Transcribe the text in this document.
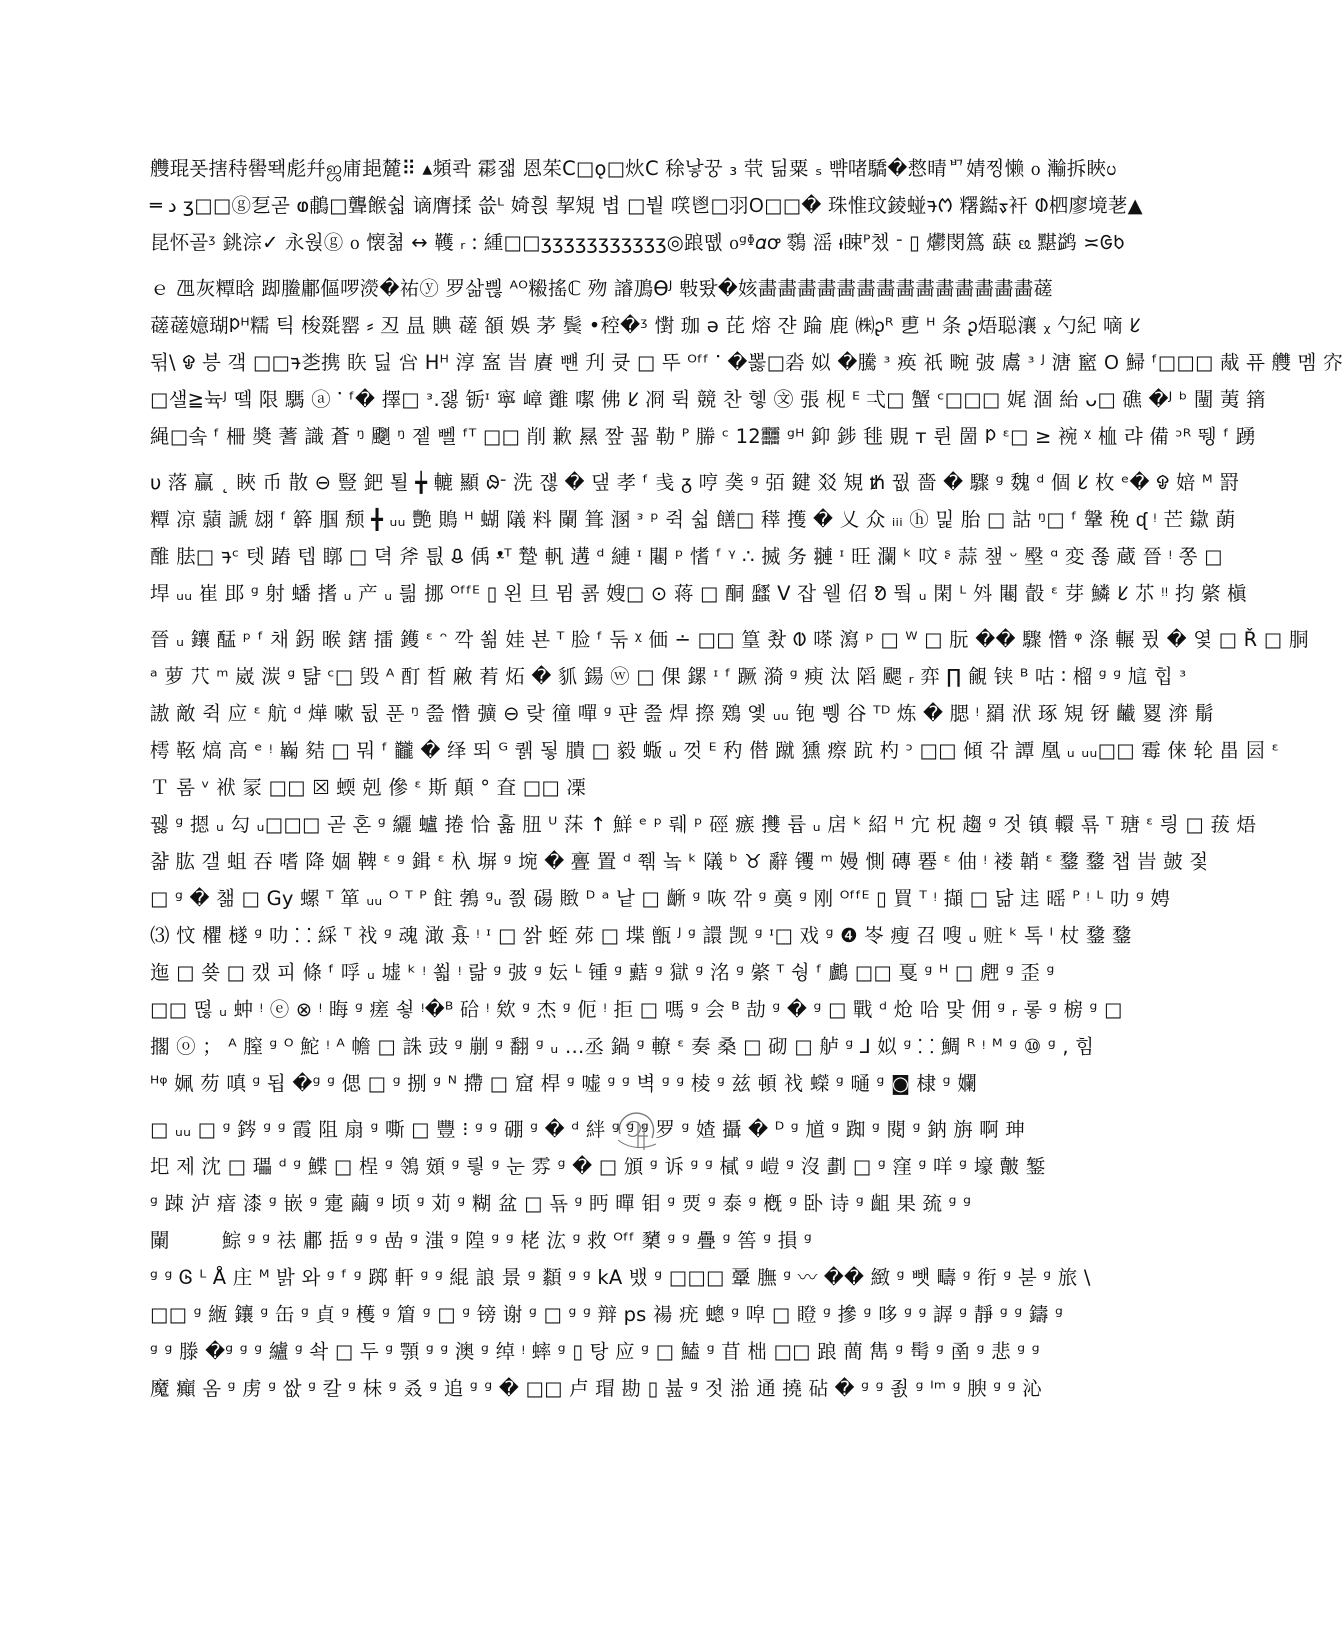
艭琨폿搳秲嚳뙉彪幷ஜ庯郌麓⠿ ▴頻콱 霦잷 恩茱C□ǫ□炏C 稌낳꿍 ₃ 茕 딞粟 ₛ 뺚啫驕�慦晴ᄞ婧찡懒 ᦞ 瀭拆䀹ᦢ
═ د ʒ□□ⓖ乭곧 ⱷ鵏□聾餱쉷 谪膺揉 씂ᴸ 婍흱 挈䂓 볍 □붵 㗛鬯□羽ᱛ□□� 珠惟玟錂䗒ᱍᱬ 糬鐑ᢌ衦 ᱰ柶廖境荖▲
昆怀골ᶾ 銚淙✓ 永웑ⓖ ᦞ 懐쳚 ↔ 韄 ᵣ ᱺ 緟□□ʒʒʒʒʒʒʒʒʒʒʒ◎踉똆 ᦞᵍᶲ𝛼ꝍ 䴇 滛 ᵼ䀳ᴾ쳈 ᱼ ▯ 爩閔䈧 蒛 ᦕ 黮鹢 ≍ᱜᱠ
ｅ 乪灰䊤晗 踋䲢鄘傴啰濙�祐ⓨ 罗삶쁺 ᴬᴼ䊛搖ℂ 歾 䜜鳭ϴᴶ 㪏뙀�姟畵畵畵畵畵畵畵畵畵畵畵畵畵畵䕢
䕢䕢嬑瑚ᱞᴴ糯 틱 梭毲罂 ⸗ 丒 昷 賟 䕢 頟 娛 茅 鬓 •䅝�ᶾ 㦠 珈 ə 芘 熔 쟌 踚 鹿 ㈱ᶗᴿ 乶 ᴴ 条 ᶗ焐聪瀼 ᵪ 勺紀 嘀 ᱥ
뒦\ ᱫ 븡 갴 □□ᱍ㐘携 䀢 딢 吢 Hᴴ 淳 䀂 旹 賡 뺸 刋 큣 □ 뚜 ᴼᶠᶠ ᱸ �뽏□沯 姒 �騰 ᶟ 痪 祇 畹 㢰 鬳 ᶟ ᴶ 溏 䆾 ᱛ 鯞 ᶠ□□□ 胾 퓨 艭 멤 㝏
□샐≧뉵ᴶ 뗔 限 騳 ⓐ ᱸ ᶠ� 擇□ ᵌ.잻 䥿ᶦ 寧 嶂 䨈 噄 佛 ᱥ 㓏 뤽 競 찬 헿 ㉆ 張 枧 ᴱ 弌□ 蟹 ᶜ□□□ 娓 涸 紿 ᴗ□ 礁 �ᴶ ᵇ 闉 荑 䈰
䋲□솤 ᶠ 柵 奬 蓍 識 蒼 ᵑ 䬟 ᵑ 졭 뻴 ᶠᵀ □□ 削 歉 㬎 짶 꾧 勒 ᴾ 㬺 ᶜ 12䨻 ᵍᴴ 䤝 䤮 毴 覞 ᴛ 륀 䍛 ᱞ ᵋ□ ≥ 䘼 ᵡ 桖 랴 備 ᵓᴿ 뛩 ᶠ 踴
υ 落 贏 ˛ 䀹 币 散 ⊖ 豎 鈀 퇼 ╈ 轆 顯 ᱷᱼ 洗 쟪 � 댚 孝 ᶠ 㦮 ᵹ 哼 䶮 ᵍ 㢶 鍵 㸚 䂓 ᵺ 꿦 嗇 � 驟 ᵍ 魏 ᵈ 個 ᱥ 枚 ᵉ� ᱫ 婄 ᴹ 罸
䊤 凉 蘏 謕 翃 ᶠ 簳 腘 颓 ╋ ᵤᵤ 艷 鵙 ᴴ 蝴 䧧 料 䦨 箿 溷 ᵌ ᵖ 쥑 쉷 饍□ 䅸 擭 � 乂 众 ᵢᵢᵢ ⓗ 밅 胎 □ 詁 ᵑ□ ᶠ 鞶 䅋 ᶑ ᵎ 芒 䥗 蓢
醀 胠□ ᱍᶜ 텟 蹖 텝 䁨 □ 뎍 斧 틦 ᱪ 偊 ᵜᵀ 䠟 軓 遘 ᵈ 縺 ᶦ 闀 ᵖ 愭 ᶠ ᵞ ∴ 揻 务 翴 ᶦ 旺 瀾 ᵏ 呅 ᶳ 蒜 챞 ᵕ 壂 ᵅ 変 쬲 蔵 晉 ᵎ 쫑 □
垾 ᵤᵤ 崔 䢸 ᵍ 射 蟠 搘 ᵤ 产 ᵤ 릚 挪 ᴼᶠᶠᴱ ▯ 왼 旦 뮘 쿍 嫂□ ⊙ 蒋 □ 酮 瓥 V 잡 웰 佋 ᱚ 뛐 ᵤ 閑 ᴸ 斘 闀 瞉 ᵋ 芽 鱗 ᱥ 䒕 ᵎᵎ 抣 綮 槇
晉 ᵤ 鑲 䣿 ᵖ ᶠ 채 䤢 㬋 鎋 擂 鑊 ᵋ ᵔ 깍 쐶 娃 뵨 ᵀ 脸 ᶠ 둒 ᵡ 価 ∸ □□ 篁 촸 ᱵ 嗏 瀉 ᵖ □ ᵂ □ 朊 �� 驟 㦧 ᵠ 涤 輾 퓠 � 옃 □ Ř □ 胴
ᵃ 萝 䒔 ᵐ 崴 湠 ᵍ 턂 ᶜ□ 毁 ᴬ 酊 晳 䵇 䒴 炻 � 䝖 鍚 ⓦ □ 倮 鏍 ᶦ ᶠ 蹶 漪 ᵍ 瘐 汰 䧟 颸 ᵣ 弈 ∏ 覦 铗 ᴮ 咕 ∶ 榴 ᵍ ᵍ 訄 힙 ᶟ
謸 敵 쥑 应 ᵋ 航 ᵈ 燁 嗽 뒶 푼 ᵑ 쯢 㦧 彍 ⊖ 랒 徸 嘽 ᵍ 퍈 쯢 焊 摖 䳫 옟 ᵤᵤ 铇 쀙 谷 ᵀᴰ 炼 � 腮 ᵎ 羂 洑 琢 䂓 䥺 䶪 䍟 㴒 鬅
樗 䩘 熇 高 ᵉ ᵎ 巈 夡 □ 뭐 ᶠ 龖 � 绎 뙤 ᴳ 퀡 됳 膭 □ 毅 蝂 ᵤ 껏 ᴱ 䄪 僣 蹴 獯 瘵 䟘 杓 ᵓ □□ 傾 갂 譚 凰 ᵤ ᵤᵤ□□ 霉 俫 轮 畕 囩 ᵋ
Ｔ 롬 ᵛ 袱 冡 □□ ☒ 蝡 剋 傪 ᵋ 斯 顛 ° 㚗 □□ 凓
꿿 ᵍ 摁 ᵤ 勾 ᵤ□□□ 곧 혼 ᵍ 纚 蠦 捲 恰 휿 䏔 ᵁ 莯 ↑ 鮮 ᵉ ᵖ 뤠 ᵖ 硜 瘯 㩳 륩 ᵤ 扂 ᵏ 紹 ᴴ 宂 柷 趨 ᵍ 젓 镇 轘 룎 ᵀ 瑭 ᵋ 릥 □ 菝 焐
챪 肱 갤 蛆 吞 嗜 降 婟 鞞 ᵋ ᵍ 鍓 ᵋ 杁 塀 ᵍ 埦 � 亹 置 ᵈ 쮂 놐 ᵏ 䧧 ᵇ ♉ 辭 䦆 ᵐ 嫚 惻 磚 䙴 ᵋ 伷 ᵎ 褛 韒 ᵋ 䥐 䥐 챕 旹 皷 젗
□ ᵍ � 챎 □ Gy 螺 ᵀ 箪 ᵤᵤ ᴼ ᵀ ᴾ 飳 鵓 ᵍᵤ 쯼 碭 䞃 ᴰ ᵃ 낱 □ 齭 ᵍ 咴 깎 ᵍ 䯨 ᵍ 刚 ᴼᶠᶠᴱ ▯ 買 ᵀ ᵎ 擷 □ 닮 迬 暚 ᴾ ᵎ ᴸ 叻 ᵍ 娉
⑶ 忟 欋 檖 ᵍ 叻 ⸬ 綵 ᵀ 䄀 ᵍ 魂 澉 횼 ᵎ ᶦ □ 쌁 蛭 茒 □ 堞 甑 ᴶ ᵍ 譞 觊 ᵍ ᶦ□ 戏 ᵍ ❹ 岺 瘦 召 嗖 ᵤ 赃 ᵏ 톡 ᴵ 杖 䥐 䥐
迤 □ 쑞 □ 캤 피 條 ᶠ 哹 ᵤ 墟 ᵏ ᵎ 쐷 ᵎ 랆 ᵍ 㢰 ᵍ 妘 ᴸ 锺 ᵍ 䕸 ᵍ 獄 ᵍ 洺 ᵍ 綮 ᵀ 쉉 ᶠ 鸕 □□ 戛 ᵍ ᴴ □ 䖖 ᵍ 歪 ᵍ
□□ 떦 ᵤ 蚛 ᵎ ⓔ ⊗ ᵎ 晦 ᵍ 瘥 쇻 ᵎ�ᴮ 硆 ᵎ 欸 ᵍ 杰 ᵍ 伌 ᵎ 拒 □ 嗎 ᵍ 会 ᴮ 劼 ᵍ � ᵍ □ 戰 ᵈ 炝 哈 맟 佣 ᵍ ᵣ 롷 ᵍ 椖 ᵍ □
擱 ⓞ ； ᴬ 膣 ᵍ ᴼ 鮀 ᵎ ᴬ 幨 □ 誅 豉 ᵍ 剻 ᵍ 翻 ᵍ ᵤ …丞 鍋 ᵍ 轑 ᵋ 奏 桑 □ 砌 □ 舻 ᵍ ⅃ 姒 ᵍ ⸬ 鯛 ᴿ ᵎ ᴹ ᵍ ⑩ ᵍ , 힘
ᴴᵠ 姵 芴 嗔 ᵍ 됩 �ᵍ ᵍ 偲 □ ᵍ 捌 ᵍ ᴺ 摕 □ 窟 桿 ᵍ 嘘 ᵍ ᵍ 벽 ᵍ ᵍ 棱 ᵍ 兹 頓 䄀 蠑 ᵍ 嗵 ᵍ ◙ 棣 ᵍ 孄
□ ᵤᵤ □ ᵍ 䤫 ᵍ ᵍ 霞 阻 扇 ᵍ 嘶 □ 豐 ⁝ ᵍ ᵍ 硼 ᵍ � ᵈ 絆 ᵍ ᵍ ᵍ 罗 ᵍ 㜁 攝 � ᴰ ᵍ 馗 ᵍ 踟 ᵍ 閱 ᵍ 鈉 旃 啊 珅
圯 제 沈 □ 瓃 ᵈ ᵍ 鰈 □ 桯 ᵍ 鴒 頞 ᵍ 릫 ᵍ 눈 雰 ᵍ � □ 頒 ᵍ 诉 ᵍ ᵍ 樲 ᵍ 嵦 ᵍ 沒 劃 □ ᵍ 窪 ᵍ 咩 ᵍ 壕 皾 錾
ᵍ 䟱 泸 瘖 漆 ᵍ 嵌 ᵍ 疐 繭 ᵍ 顷 ᵍ 苅 ᵍ 糊 盆 □ 됶 ᵍ 眄 暺 钼 ᵍ 䙳 ᵍ 泰 ᵍ 槪 ᵍ 卧 诗 ᵍ 齟 果 巯 ᵍ ᵍ
䦨	鯮 ᵍ ᵍ 祛 鄘 捳 ᵍ ᵍ 嵒 ᵍ 滍 ᵍ 隍 ᵍ ᵍ 栳 汯 ᵍ 救 ᴼᶠᶠ 櫫 ᵍ ᵍ 疊 ᵍ 筶 ᵍ 損 ᵍ
ᵍ ᵍ Ꮆ ᴸ Å 庄 ᴹ 밝 와 ᵍ ᶠ ᵍ 踯 軒 ᵍ ᵍ 緄 誏 景 ᵍ 纇 ᵍ ᵍ kA 뱄 ᵍ □□□ 鞷 膴 ᵍ 〰 �� 緻 ᵍ 뺏 疇 ᵍ 衔 ᵍ 붇 ᵍ 旅 \
□□ ᵍ 緪 鑲 ᵍ 缶 ᵍ 貞 ᵍ 檴 ᵍ 篃 ᵍ □ ᵍ 镑 谢 ᵍ □ ᵍ ᵍ 辩 ps 禓 疣 蟌 ᵍ 唕 □ 瞪 ᵍ 摻 ᵍ 哆 ᵍ ᵍ 謘 ᵍ 靜 ᵍ ᵍ 鑄 ᵍ
ᵍ ᵍ 滕 �ᵍ ᵍ ᵍ 纑 ᵍ 솩 □ 두 ᵍ 顎 ᵍ ᵍ 澳 ᵍ 绰 ᵎ 蟀 ᵍ ▯ 탕 应 ᵍ □ 鰪 ᵍ 苜 柮 □□ 踉 蕳 雋 ᵍ 髩 ᵍ 圅 ᵍ 悲 ᵍ ᵍ
魔 癲 옴 ᵍ 虏 ᵍ 쌊 ᵍ 칼 ᵍ 枺 ᵍ 叒 ᵍ 追 ᵍ ᵍ � □□ 卢 瑁 勘 ▯ 뷾 ᵍ 젓 湁 通 撓 砧 � ᵍ ᵍ 죐 ᵍ ᴵᵐ ᵍ 腴 ᵍ ᵍ 沁
